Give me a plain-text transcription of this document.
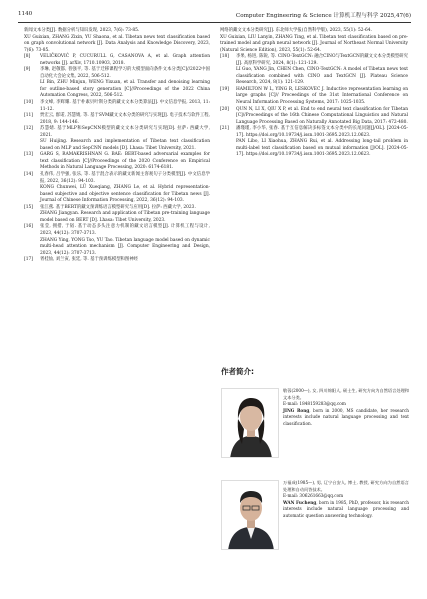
1140	Computer Engineering & Science 计算机工程与科学 2025,47(6)
新闻文本分类[J]. 数据分析与知识发现, 2023, 7(6): 73-85.
XU Guixian, ZHANG Zixin, YU Shaona, et al. Tibetan news text classification based on graph convolutional network [J]. Data Analysis and Knowledge Discovery, 2023, 7(6): 73-85.
[8] VELIČKOVIĆ P, CUCURULL G, CASANOVA A, et al. Graph attention networks [J]. arXiv, 1710.10903, 2018.
[9] 李琳, 赵敬都, 普强平, 等. 基于迁移课程学习的大模型面向条件文本分类[C]//2022中国自动化大会论文集, 2022, 506-512.
LI Bin, ZHU Minjun, WENG Yixuan, et al. Transfer and denoising learning for outline-based story generation [C]//Proceedings of the 2022 China Automation Congress, 2022, 506-512.
[10] 李文峰, 李辉耀. 基于朴素贝叶斯分类的藏文文本分类算法[J]. 中文信息学报, 2013, 11: 11-12.
[11] 贾宏云, 群诺, 苏慧婧, 等. 基于SVM藏文文本分类的研究与实现[J]. 电子技术与软件工程, 2018, 9: 144-146.
[12] 苏慧婧. 基于MLP和SepCNN模型的藏文文本分类研究与实现[D]. 拉萨: 西藏大学, 2021.
SU Huijing. Research and implementation of Tibetan text classification based on MLP and SepCNN models [D]. Lhasa: Tibet University, 2021.
[13] GARG S, RAMAKRISHNAN G. BAE: BERT-based adversarial examples for text classification [C]//Proceedings of the 2020 Conference on Empirical Methods in Natural Language Processing, 2020: 6174-6181.
[14] 孔春伟, 吕学强, 张乐, 等. 基于混合表示的藏文新闻主客观句子分类模型[J]. 中文信息学报, 2022, 36(12): 94-103.
KONG Chunwei, LÜ Xueqiang, ZHANG Le, et al. Hybrid representation-based subjective and objective sentence classification for Tibetan news [J]. Journal of Chinese Information Processing, 2022, 36(12): 94-103.
[15] 张江燕. 基于BERT的藏文预训练语言模型研究与应用[D]. 拉萨: 西藏大学, 2023.
ZHANG Jiangyan. Research and application of Tibetan pre-training language model based on BERT [D]. Lhasa: Tibet University, 2023.
[16] 张莹, 拥措, 于韬. 基于动态多头注意力机制的藏文语言模型[J]. 计算机工程与设计, 2023, 44(12): 3707-3713.
ZHANG Ying, YONG Tso, YU Tao. Tibetan language model based on dynamic multi-head attention mechanism [J]. Computer Engineering and Design, 2023, 44(12): 3707-3713.
[17] 胥桂仙, 刘兰寅, 张廷, 等. 基于预训练模型和图神经
网络的藏文文本分类研究[J]. 东北师大学报(自然科学版), 2023, 55(1): 52-64.
XU Guixian, LIU Lanyin, ZHANG Ting, et al. Tibetan text classification based on pre-trained model and graph neural network [J]. Journal of Northeast Normal University (Natural Science Edition), 2023, 55(1): 52-64.
[18] 李果, 杨进, 陈锐, 等. CINO-TextGCN: 融合CINO与TextGCN的藏文文本分类模型研究[J]. 高原科学研究, 2024, 8(1): 121-129.
LI Guo, YANG Jin, CHEN Chen, CINO-TextGCN: A model of Tibetan news text classification combined with CINO and TextGCN [J]. Plateau Science Research, 2024, 8(1): 121-129.
[19] HAMILTON W L, YING R, LESKOVEC J. Inductive representation learning on large graphs [C]// Proceedings of the 31st International Conference on Neural Information Processing Systems, 2017: 1025-1035.
[20] QUN N, LI X, QIU X P, et al. End to end neural text classification for Tibetan [C]//Proceedings of the 16th Chinese Computational Linguistics and Natural Language Processing Based on Naturally Annotated Big Data, 2017: 472-480.
[21] 潘瑾瑾, 李小华, 张春. 基于互信息解决多标签文本分类中的长尾问题[J/OL]. [2024-05-17]. https://doi.org/10.19734/j.issn.1001-3695.2023.12.0623.
PAN Libo, LI Xiaohua, ZHANG Rui, et al. Addressing long-tail problem in multi-label text classification based on mutual information [J/OL]. [2024-05-17]. https://doi.org/10.19734/j.issn.1001-3695.2023.12.0623.
作者简介:
敬蓉(2000—), 女, 四川绵阳人, 硕士生, 研究方向为自然语言处理和文本分类。
E-mail: 1848159283@qq.com
JING Rong, born in 2000, MS candidate, her research interests include natural language processing and text classification.
万福成(1985—), 男, 辽宁台安人, 博士, 教授, 研究方向为自然语言处理和自动问答技术。
E-mail: 306261663@qq.com
WAN Fucheng, born in 1985, PhD, professor, his research interests include natural language processing and automatic question answering technology.
